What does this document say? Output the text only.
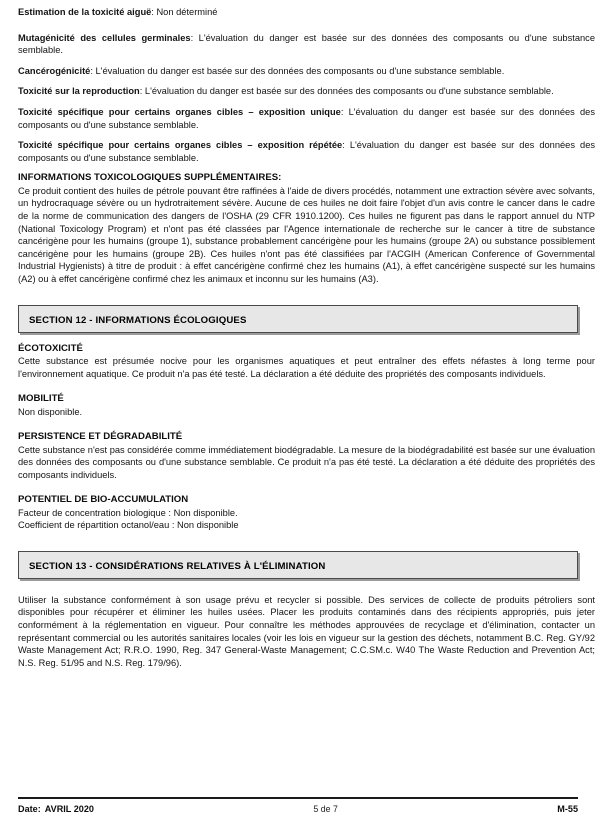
Estimation de la toxicité aiguë: Non déterminé

Mutagénicité des cellules germinales: L'évaluation du danger est basée sur des données des composants ou d'une substance semblable.

Cancérogénicité: L'évaluation du danger est basée sur des données des composants ou d'une substance semblable.

Toxicité sur la reproduction: L'évaluation du danger est basée sur des données des composants ou d'une substance semblable.

Toxicité spécifique pour certains organes cibles – exposition unique: L'évaluation du danger est basée sur des données des composants ou d'une substance semblable.

Toxicité spécifique pour certains organes cibles – exposition répétée: L'évaluation du danger est basée sur des données des composants ou d'une substance semblable.

INFORMATIONS TOXICOLOGIQUES SUPPLÉMENTAIRES:

Ce produit contient des huiles de pétrole pouvant être raffinées à l'aide de divers procédés, notamment une extraction sévère avec solvants, un hydrocraquage sévère ou un hydrotraitement sévère. Aucune de ces huiles ne doit faire l'objet d'un avis contre le cancer dans le cadre de la norme de communication des dangers de l'OSHA (29 CFR 1910.1200). Ces huiles ne figurent pas dans le rapport annuel du NTP (National Toxicology Program) et n'ont pas été classées par l'Agence internationale de recherche sur le cancer à titre de substance cancérigène pour les humains (groupe 1), substance probablement cancérigène pour les humains (groupe 2A) ou substance possiblement cancérigène pour les humains (groupe 2B). Ces huiles n'ont pas été classifiées par l'ACGIH (American Conference of Governmental Industrial Hygienists) à titre de produit : à effet cancérigène confirmé chez les humains (A1), à effet cancérigène suspecté sur les humains (A2) ou à effet cancérigène confirmé chez les animaux et inconnu sur les humains (A3).

SECTION 12 - INFORMATIONS ÉCOLOGIQUES

ÉCOTOXICITÉ

Cette substance est présumée nocive pour les organismes aquatiques et peut entraîner des effets néfastes à long terme pour l'environnement aquatique. Ce produit n'a pas été testé. La déclaration a été déduite des propriétés des composants individuels.

MOBILITÉ

Non disponible.

PERSISTENCE ET DÉGRADABILITÉ

Cette substance n'est pas considérée comme immédiatement biodégradable. La mesure de la biodégradabilité est basée sur une évaluation des données des composants ou d'une substance semblable. Ce produit n'a pas été testé. La déclaration a été déduite des propriétés des composants individuels.

POTENTIEL DE BIO-ACCUMULATION

Facteur de concentration biologique : Non disponible.

Coefficient de répartition octanol/eau : Non disponible

SECTION 13 - CONSIDÉRATIONS RELATIVES À L'ÉLIMINATION

Utiliser la substance conformément à son usage prévu et recycler si possible. Des services de collecte de produits pétroliers sont disponibles pour récupérer et éliminer les huiles usées. Placer les produits contaminés dans des récipients appropriés, puis jeter conformément à la réglementation en vigueur. Pour connaître les méthodes approuvées de recyclage et d'élimination, contacter un représentant commercial ou les autorités sanitaires locales (voir les lois en vigueur sur la gestion des déchets, notamment B.C. Reg. GY/92 Waste Management Act; R.R.O. 1990, Reg. 347 General-Waste Management; C.C.SM.c. W40 The Waste Reduction and Prevention Act; N.S. Reg. 51/95 and N.S. Reg. 179/96).

Date: AVRIL 2020	5 de 7	M-55
